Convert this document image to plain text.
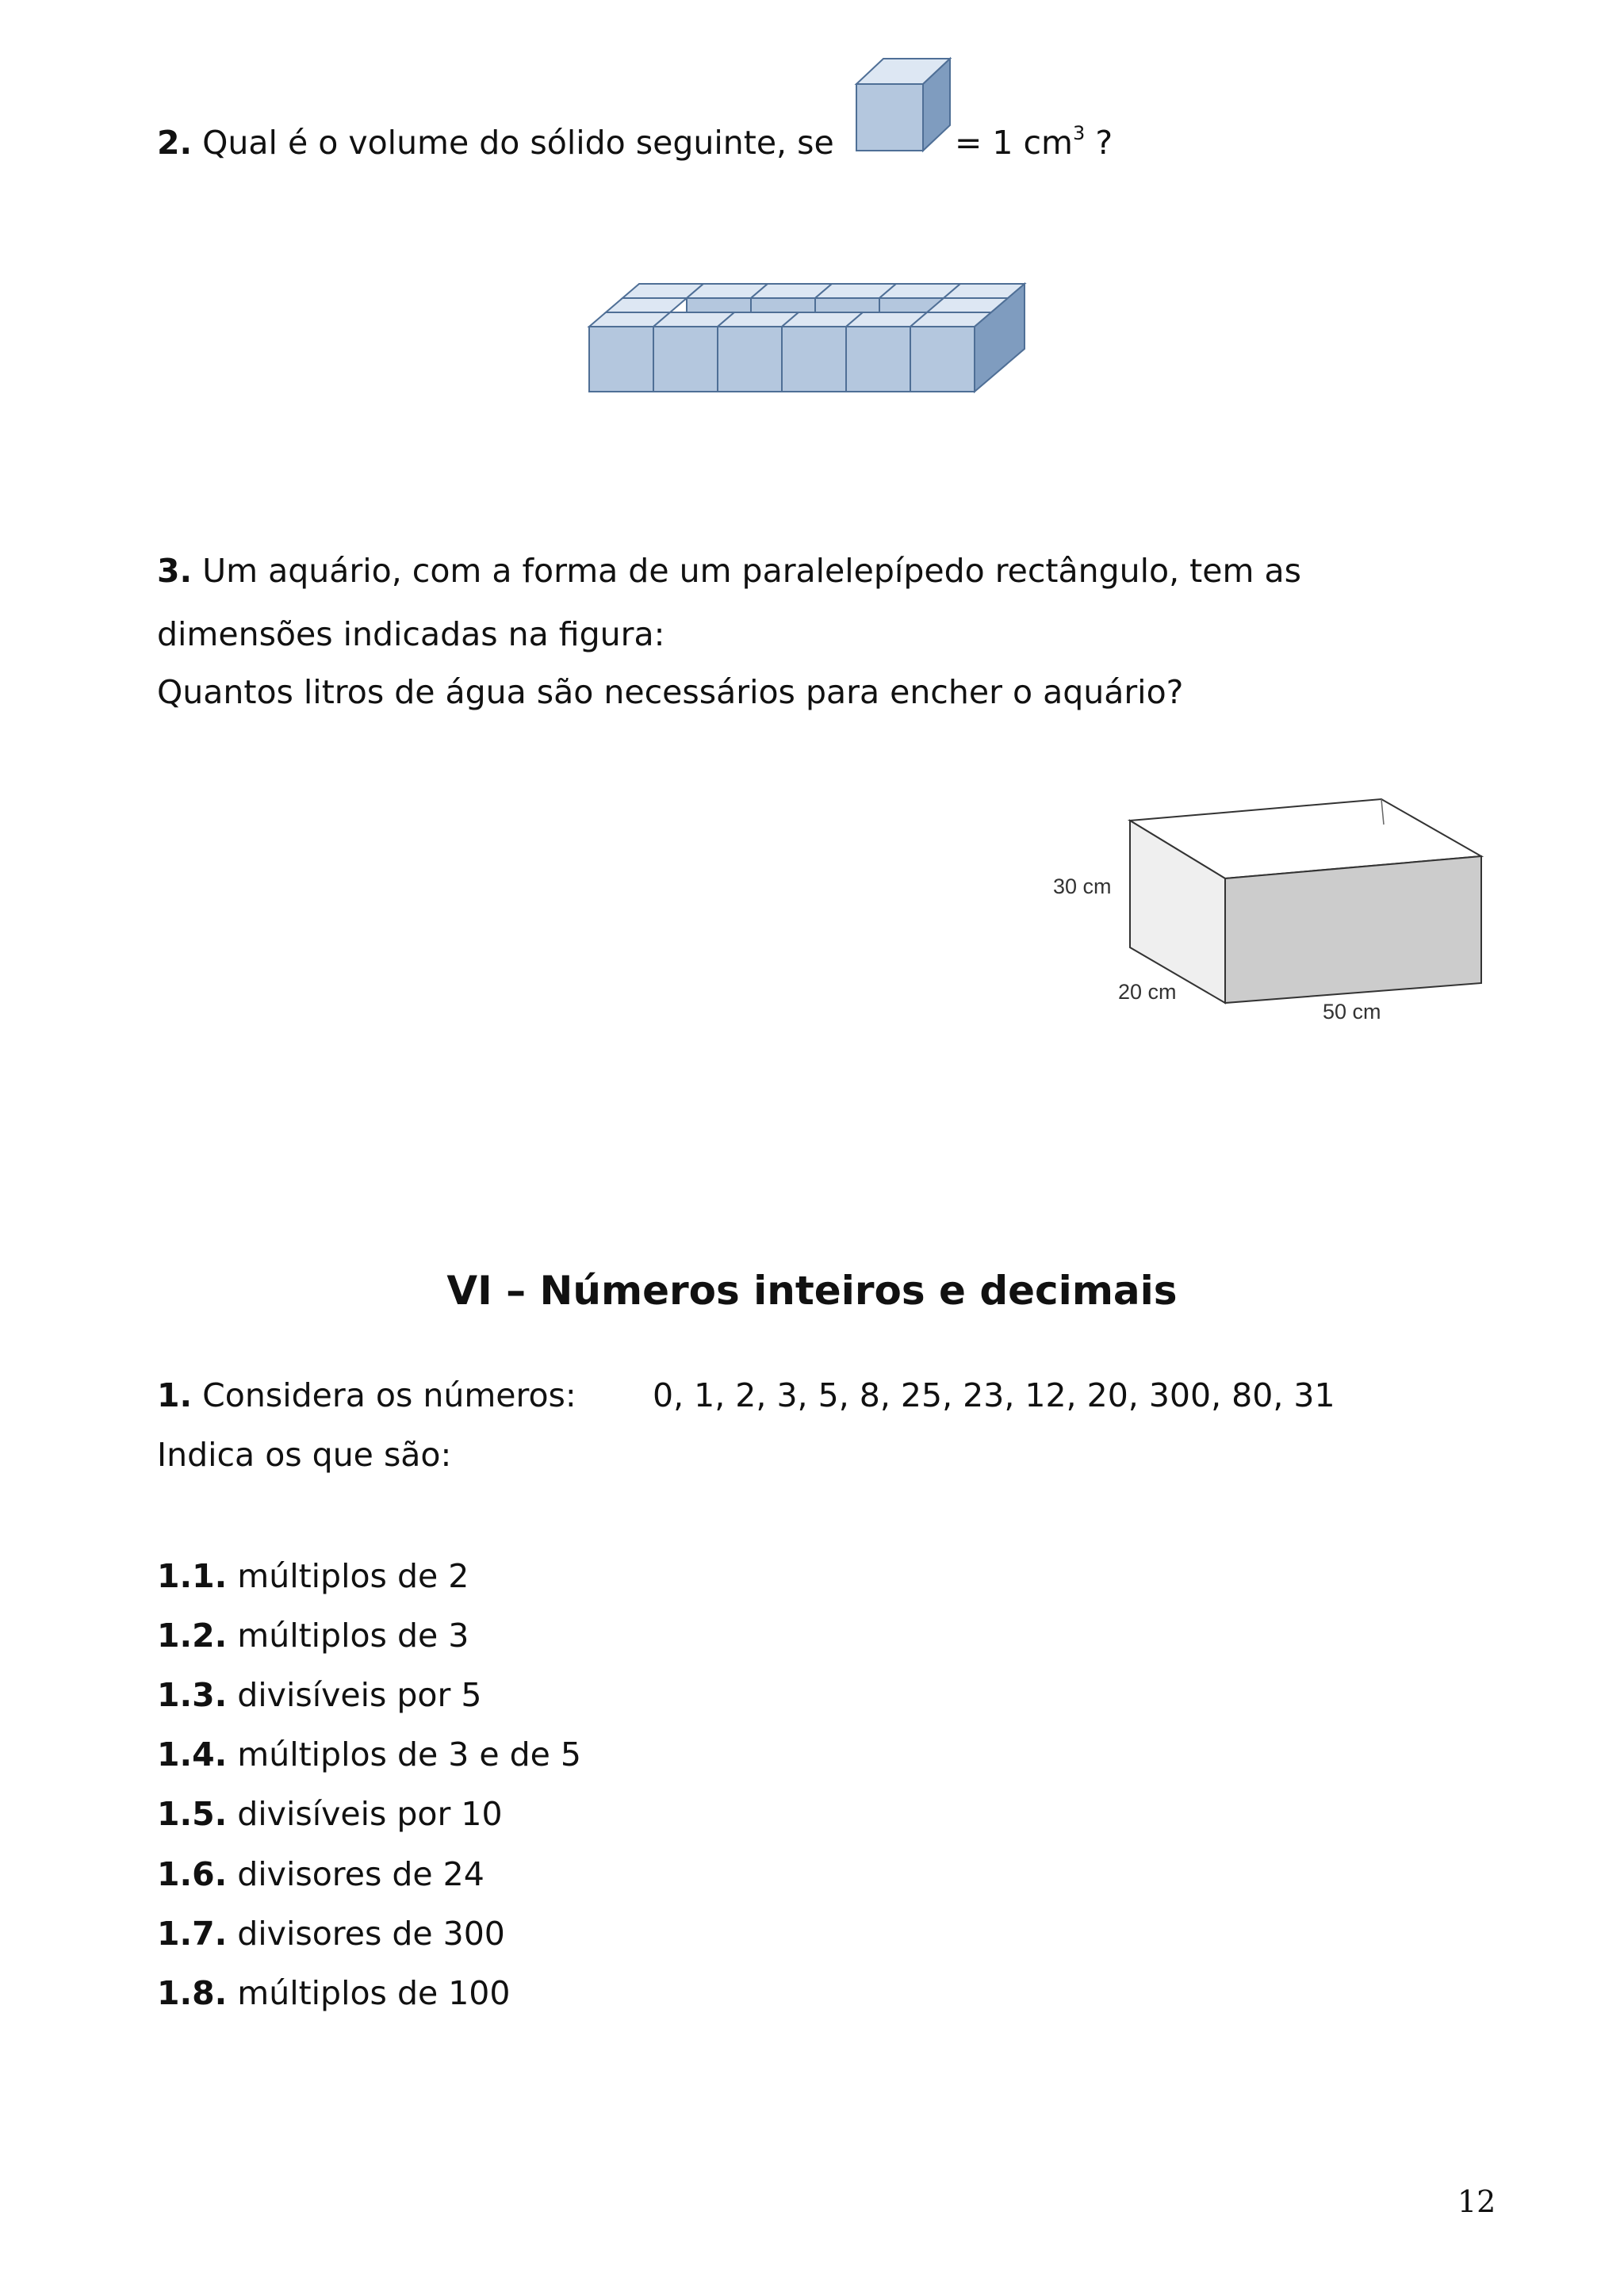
2. Qual é o volume do sólido seguinte, se	= 1 $cm^3$ ?
3. Um aquário, com a forma de um paralelepípedo rectângulo, tem as
dimensões indicadas na figura:
Quantos litros de água são necessários para encher o aquário?
30 cm
20 cm
50 cm
VI – Números inteiros e decimais
1. Considera os números: 0, 1, 2, 3, 5, 8, 25, 23, 12, 20, 300, 80, 31
Indica os que são:
1.1. múltiplos de 2
1.2. múltiplos de 3
1.3. divisíveis por 5
1.4. múltiplos de 3 e de 5
1.5. divisíveis por 10
1.6. divisores de 24
1.7. divisores de 300
1.8. múltiplos de 100
12
